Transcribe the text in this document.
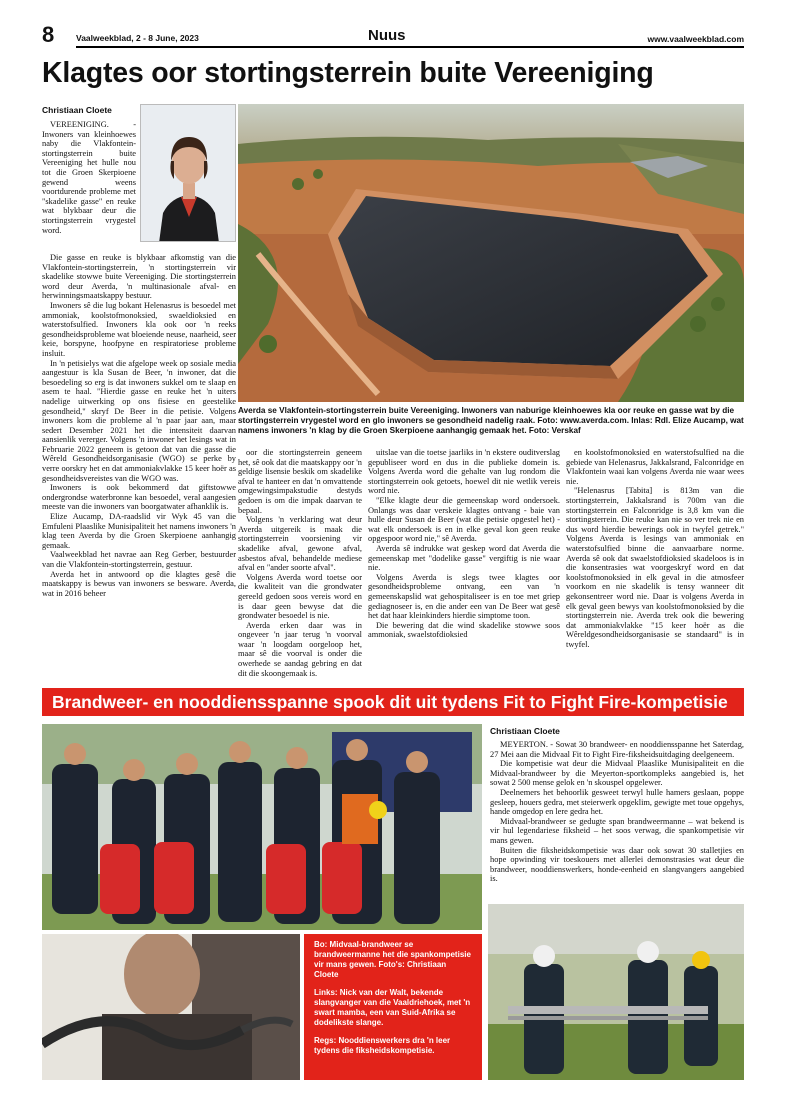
8	Vaalweekblad, 2 - 8 June, 2023	Nuus	www.vaalweekblad.com
Klagtes oor stortingsterrein buite Vereeniging
Christiaan Cloete

VEREENIGING. - Inwoners van kleinhoewes naby die Vlakfontein-stortingsterrein buite Vereeniging het hulle nou tot die Groen Skerpioene gewend weens voortdurende probleme met "skadelike gasse" en reuke wat blykbaar deur die stortingsterrein vrygestel word.

Die gasse en reuke is blykbaar afkomstig van die Vlakfontein-stortingsterrein, 'n stortingsterrein vir skadelike stowwe buite Vereeniging. Die stortingsterrein word deur Averda, 'n multinasionale afval- en herwinningsmaatskappy bestuur.

Inwoners sê die lug bokant Helenasrus is besoedel met ammoniak, koolstofmonoksied, swaeldioksied en waterstofsulfied. Inwoners kla ook oor 'n reeks gesondheidsprobleme wat bloeiende neuse, naarheid, seer keie, borspyne, hoofpyne en respiratoriese probleme insluit.

In 'n petisielys wat die afgelope week op sosiale media aangestuur is kla Susan de Beer, 'n inwoner, dat die besoedeling so erg is dat inwoners sukkel om te slaap en asem te haal. "Hierdie gasse en reuke het 'n uiters nadelige uitwerking op ons fisiese en geestelike gesondheid," skryf De Beer in die petisie. Volgens inwoners kom die probleme al 'n paar jaar aan, maar sedert Desember 2021 het die intensiteit daarvan aansienlik vererger. Volgens 'n inwoner het lesings wat in Februarie 2022 geneem is getoon dat van die gasse die Wêreld Gesondheidsorganisasie (WGO) se perke by verre oorskry het en dat ammoniakvlakke 15 keer hoër as gesondheidsvereistes van die WGO was.

Inwoners is ook bekommerd dat giftstowwe ondergrondse waterbronne kan besoedel, veral aangesien meeste van die inwoners van boorgatwater afhanklik is.

Elize Aucamp, DA-raadslid vir Wyk 45 van die Emfuleni Plaaslike Munisipaliteit het namens inwoners 'n klag teen Averda by die Groen Skerpioene aanhangig gemaak.

Vaalweekblad het navrae aan Reg Gerber, bestuurder van die Vlakfontein-stortingsterrein, gestuur.

Averda het in antwoord op die klagtes gesê die maatskappy is bewus van inwoners se besware. Averda, wat in 2016 beheer

Averda se Vlakfontein-stortingsterrein buite Vereeniging. Inwoners van naburige kleinhoewes kla oor reuke en gasse wat by die stortingsterrein vrygestel word en glo inwoners se gesondheid nadelig raak. Foto: www.averda.com. Inlas: Rdl. Elize Aucamp, wat namens inwoners 'n klag by die Groen Skerpioene aanhangig gemaak het. Foto: Verskaf

oor die stortingsterrein geneem het, sê ook dat die maatskappy oor 'n geldige lisensie beskik om skadelike afval te hanteer en dat 'n omvattende omgewingsimpakstudie destyds gedoen is om die impak daarvan te bepaal.

Volgens 'n verklaring wat deur Averda uitgereik is maak die stortingsterrein voorsiening vir skadelike afval, gewone afval, asbestos afval, behandelde mediese afval en "ander soorte afval".

Volgens Averda word toetse oor die kwaliteit van die grondwater gereeld gedoen soos vereis word en is daar geen bewyse dat die grondwater besoedel is nie.

Averda erken daar was in ongeveer 'n jaar terug 'n voorval waar 'n loogdam oorgeloop het, maar sê die voorval is onder die owerhede se aandag gebring en dat dit die skoongemaak is.

uitslae van die toetse jaarliks in 'n ekstere ouditverslag gepubliseer word en dus in die publieke domein is. Volgens Averda word die gehalte van lug rondom die stortingsterrein ook getoets, hoewel dit nie wetlik vereis word nie.

"Elke klagte deur die gemeenskap word ondersoek. Onlangs was daar verskeie klagtes ontvang - baie van hulle deur Susan de Beer (wat die petisie opgestel het) - wat elk ondersoek is en in elke geval kon geen reuke opgespoor word nie," sê Averda.

Averda sê indrukke wat geskep word dat Averda die gemeenskap met "dodelike gasse" vergiftig is nie waar nie.

Volgens Averda is slegs twee klagtes oor gesondheidsprobleme ontvang, een van 'n gemeenskapslid wat gehospitaliseer is en toe met griep gediagnoseer is, en die ander een van De Beer wat gesê het dat haar kleinkinders hierdie simptome toon.

Die bewering dat die wind skadelike stowwe soos ammoniak, swaelstofdioksied

en koolstofmonoksied en waterstofsulfied na die gebiede van Helenasrus, Jakkalsrand, Falconridge en Vlakfontein waai kan volgens Averda nie waar wees nie.

"Helenasrus [Tabita] is 813m van die stortingsterrein, Jakkalsrand is 700m van die stortingsterrein en Falconridge is 3,8 km van die stortingsterrein. Die reuke kan nie so ver trek nie en dus word hierdie bewerings ook in twyfel getrek." Volgens Averda is lesings van ammoniak en waterstofsulfied binne die aanvaarbare norme. Averda sê ook dat swaelstofdioksied skadeloos is in die konsentrasies wat voorgeskryf word en dat koolstofmonoksied in elk geval in die atmosfeer voorkom en nie skadelik is tensy wanneer dit gekonsentreer word nie. Daar is volgens Averda in elk geval geen bewys van koolstofmonoksied by die stortingsterrein nie. Averda trek ook die bewering dat ammoniakvlakke "15 keer hoër as die Wêreldgesondheidsorganisasie se standaard" is in twyfel.

Brandweer- en nooddiensspanne spook dit uit tydens Fit to Fight Fire-kompetisie

Bo: Midvaal-brandweer se brandweermanne het die spankompetisie vir mans gewen. Foto's: Christiaan Cloete

Links: Nick van der Walt, bekende slangvanger van die Vaaldriehoek, met 'n swart mamba, een van Suid-Afrika se dodelikste slange.

Regs: Nooddienswerkers dra 'n leer tydens die fiksheidskompetisie.

Christiaan Cloete

MEYERTON. - Sowat 30 brandweer- en nooddiensspanne het Saterdag, 27 Mei aan die Midvaal Fit to Fight Fire-fiksheidsuitdaging deelgeneem.

Die kompetisie wat deur die Midvaal Plaaslike Munisipaliteit en die Midvaal-brandweer by die Meyerton-sportkompleks aangebied is, het sowat 2 500 mense gelok en 'n skouspel opgelewer.

Deelnemers het behoorlik gesweet terwyl hulle hamers geslaan, poppe gesleep, houers gedra, met steierwerk opgeklim, gewigte met toue opgehys, hande omgedop en lere gedra het.

Midvaal-brandweer se gedugte span brandweermanne – wat bekend is vir hul legendariese fiksheid – het soos verwag, die spankompetisie vir mans gewen.

Buiten die fiksheidskompetisie was daar ook sowat 30 stalletjies en hope opwinding vir toeskouers met allerlei demonstrasies wat deur die brandweer, nooddienswerkers, honde-eenheid en slangvangers aangebied is.
